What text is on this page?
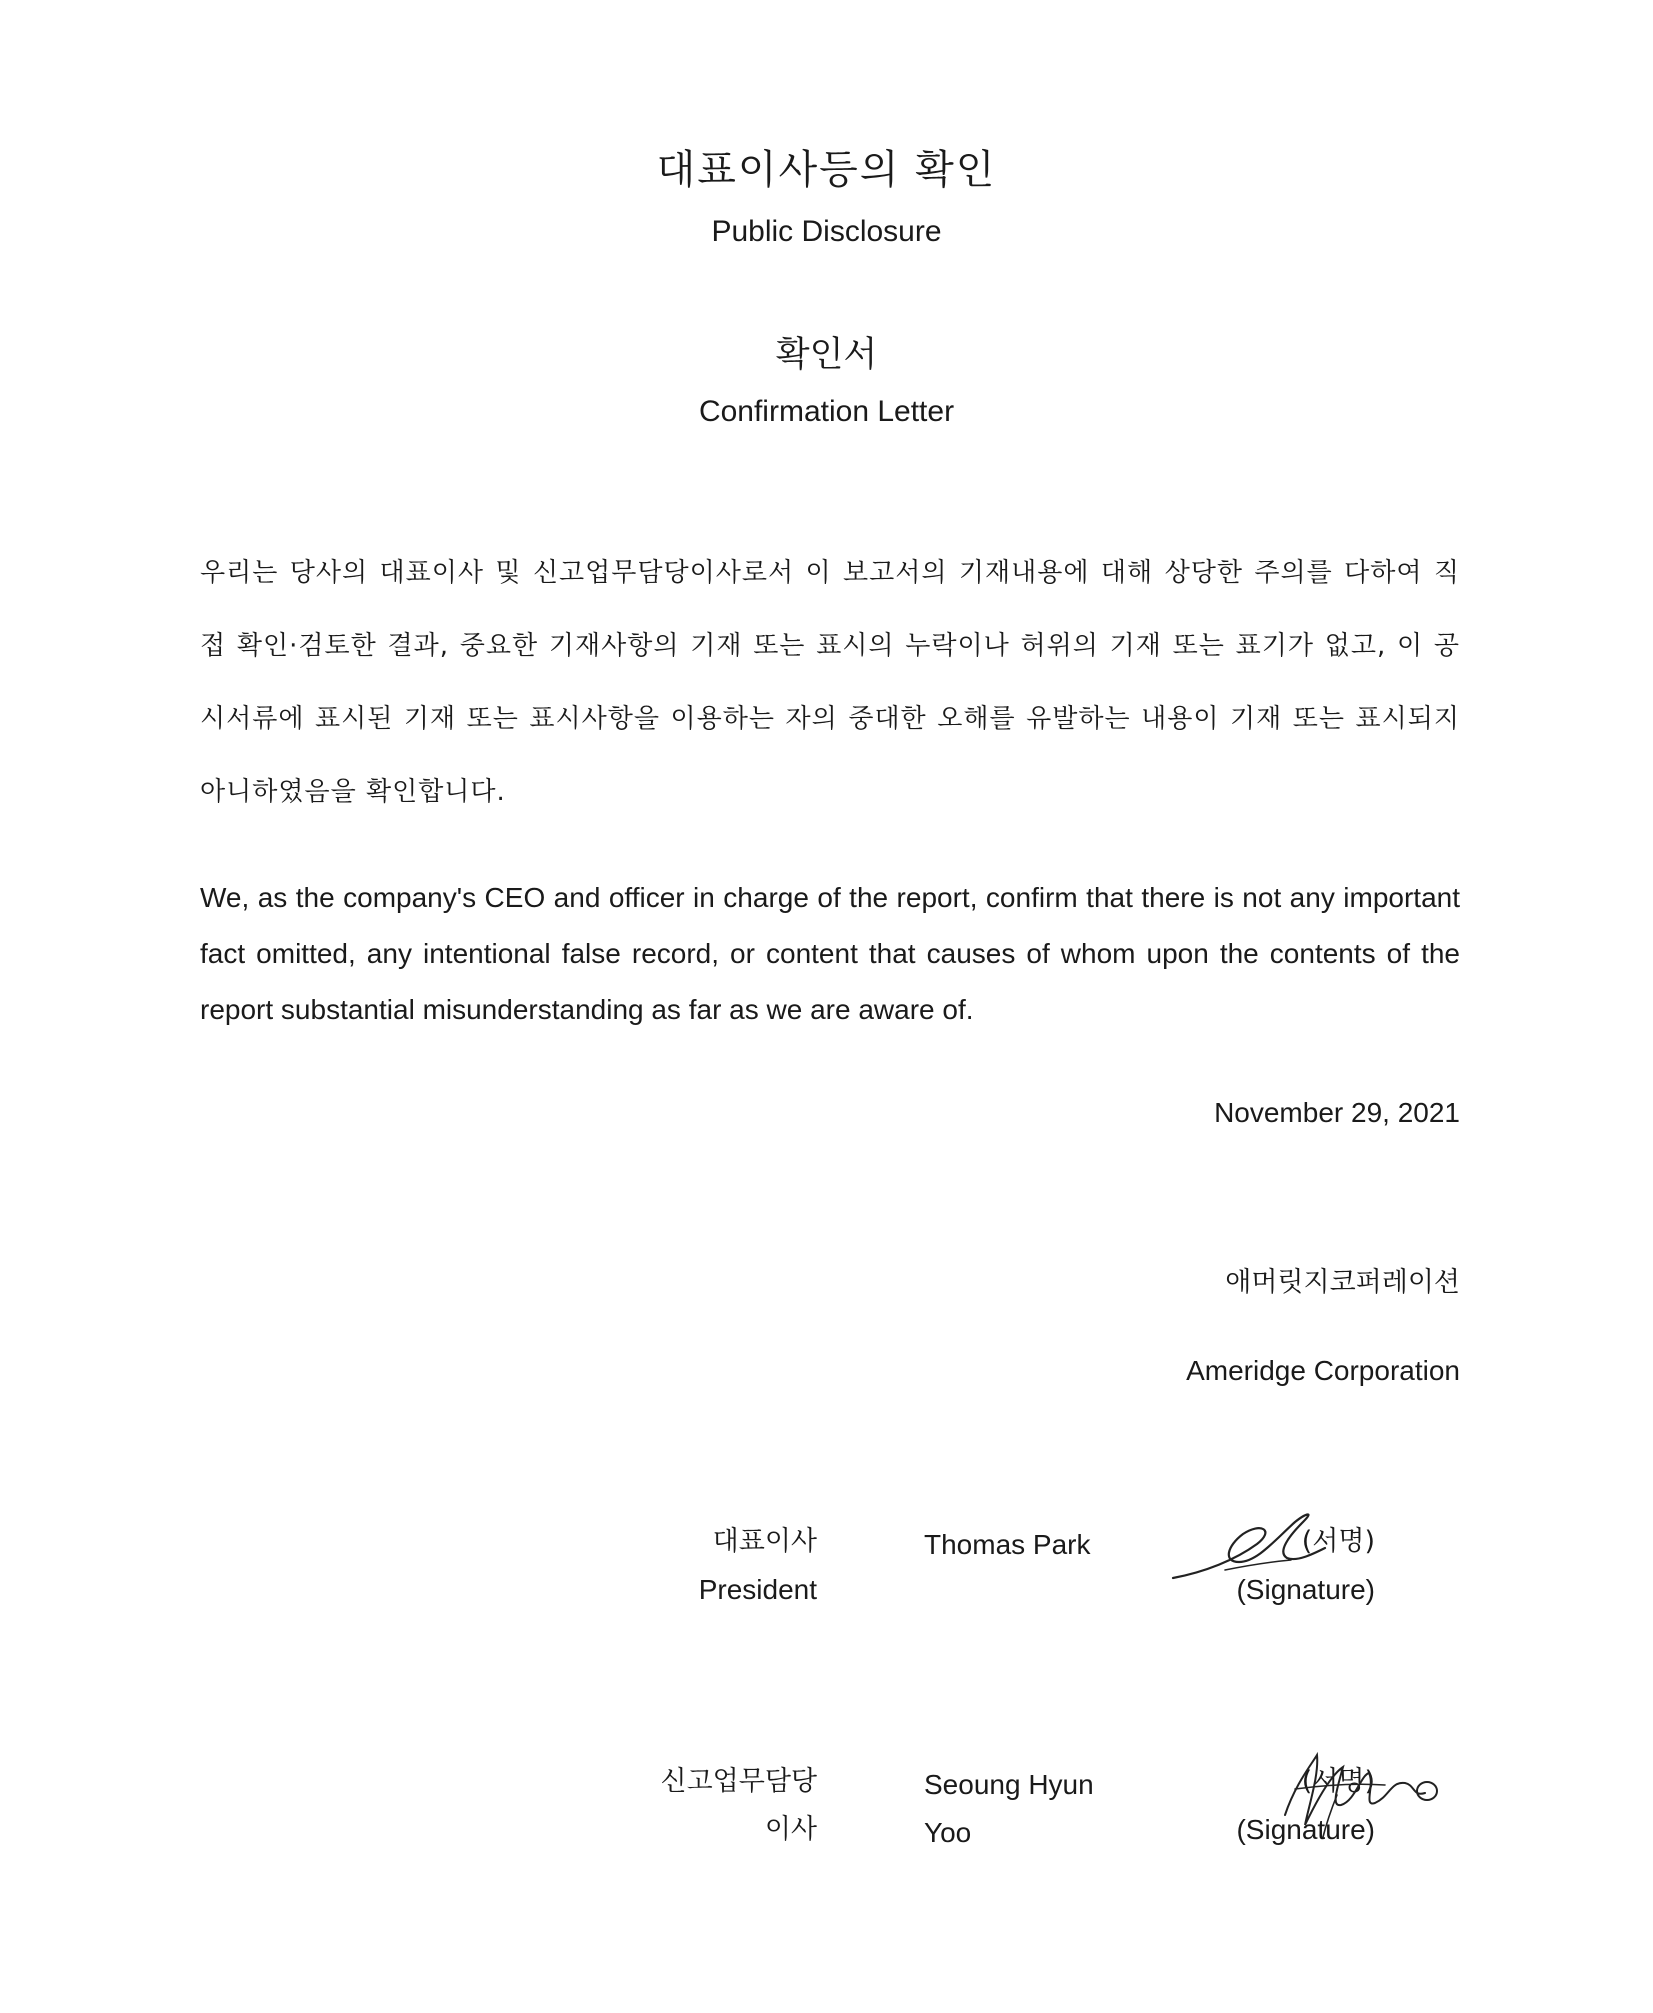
대표이사등의 확인
Public Disclosure
확인서
Confirmation Letter
우리는 당사의 대표이사 및 신고업무담당이사로서 이 보고서의 기재내용에 대해 상당한 주의를 다하여 직접 확인·검토한 결과, 중요한 기재사항의 기재 또는 표시의 누락이나 허위의 기재 또는 표기가 없고, 이 공시서류에 표시된 기재 또는 표시사항을 이용하는 자의 중대한 오해를 유발하는 내용이 기재 또는 표시되지 아니하였음을 확인합니다.
We, as the company's CEO and officer in charge of the report, confirm that there is not any important fact omitted, any intentional false record, or content that causes of whom upon the contents of the report substantial misunderstanding as far as we are aware of.
November 29, 2021
애머릿지코퍼레이션
Ameridge Corporation
대표이사
President
Thomas Park	(서명)
(Signature)
신고업무담당
이사
Seoung Hyun
Yoo
(서명)
(Signature)
